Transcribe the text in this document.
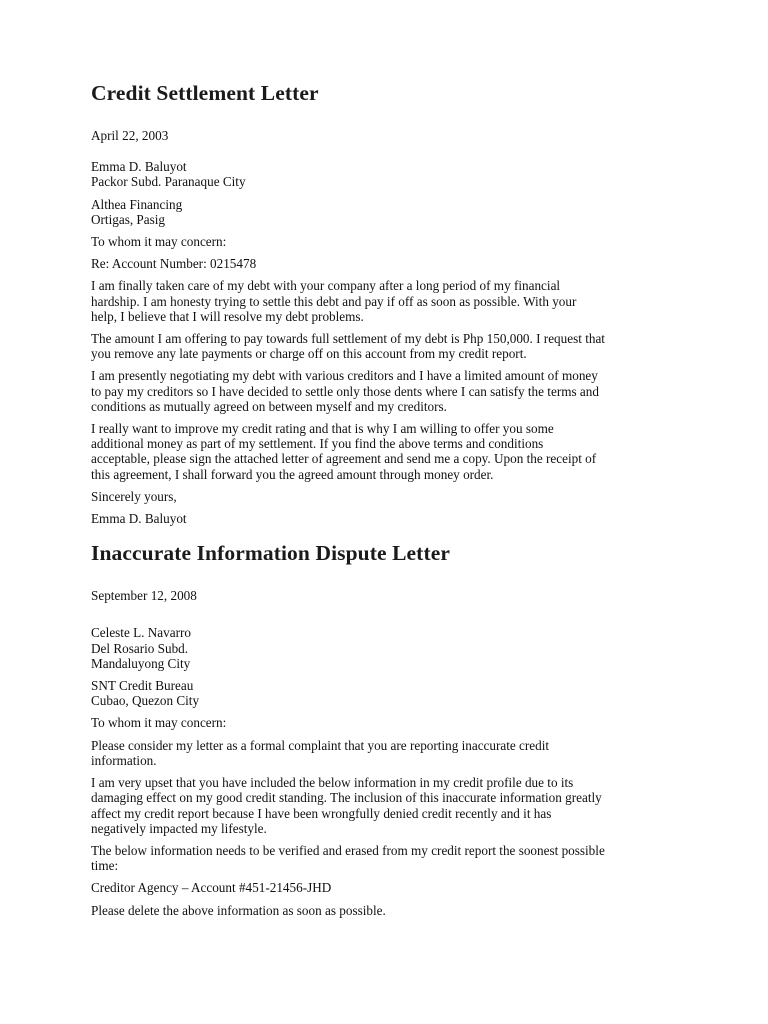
Credit Settlement Letter

April 22, 2003

Emma D. Baluyot
Packor Subd. Paranaque City

Althea Financing
Ortigas, Pasig

To whom it may concern:

Re: Account Number: 0215478

I am finally taken care of my debt with your company after a long period of my financial
hardship. I am honesty trying to settle this debt and pay if off as soon as possible. With your
help, I believe that I will resolve my debt problems.

The amount I am offering to pay towards full settlement of my debt is Php 150,000. I request that
you remove any late payments or charge off on this account from my credit report.

I am presently negotiating my debt with various creditors and I have a limited amount of money
to pay my creditors so I have decided to settle only those dents where I can satisfy the terms and
conditions as mutually agreed on between myself and my creditors.

I really want to improve my credit rating and that is why I am willing to offer you some
additional money as part of my settlement. If you find the above terms and conditions
acceptable, please sign the attached letter of agreement and send me a copy. Upon the receipt of
this agreement, I shall forward you the agreed amount through money order.

Sincerely yours,

Emma D. Baluyot

Inaccurate Information Dispute Letter

September 12, 2008

Celeste L. Navarro
Del Rosario Subd.
Mandaluyong City

SNT Credit Bureau
Cubao, Quezon City

To whom it may concern:

Please consider my letter as a formal complaint that you are reporting inaccurate credit
information.

I am very upset that you have included the below information in my credit profile due to its
damaging effect on my good credit standing. The inclusion of this inaccurate information greatly
affect my credit report because I have been wrongfully denied credit recently and it has
negatively impacted my lifestyle.

The below information needs to be verified and erased from my credit report the soonest possible
time:

Creditor Agency – Account #451-21456-JHD

Please delete the above information as soon as possible.
